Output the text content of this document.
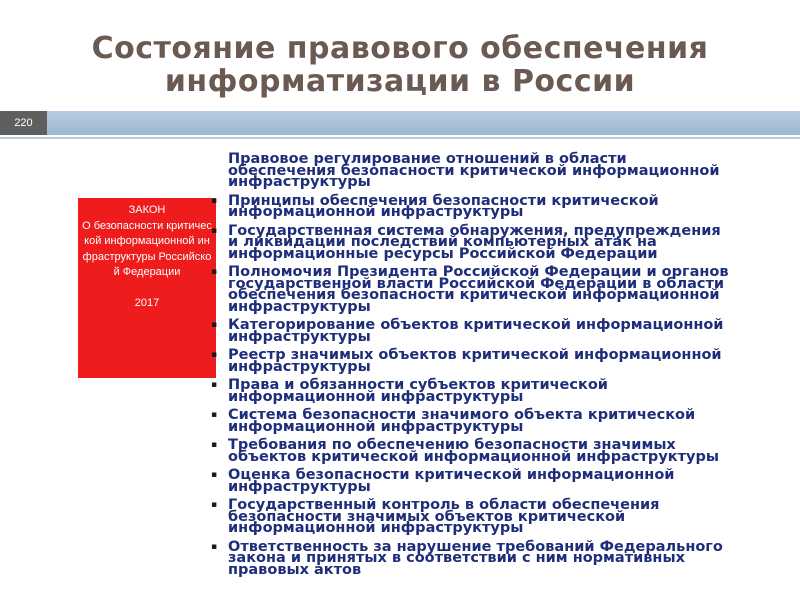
Состояние правового обеспечения
информатизации в России
220
ЗАКОН
О безопасности критической информационной инфраструктуры Российской Федерации
2017
Правовое регулирование отношений в области
обеспечения безопасности критической информационной
инфраструктуры
▪ Принципы обеспечения безопасности критической
информационной инфраструктуры
▪ Государственная система обнаружения, предупреждения
и ликвидации последствий компьютерных атак на
информационные ресурсы Российской Федерации
▪ Полномочия Президента Российской Федерации и органов
государственной власти Российской Федерации в области
обеспечения безопасности критической информационной
инфраструктуры
▪ Категорирование объектов критической информационной
инфраструктуры
▪ Реестр значимых объектов критической информационной
инфраструктуры
▪ Права и обязанности субъектов критической
информационной инфраструктуры
▪ Система безопасности значимого объекта критической
информационной инфраструктуры
▪ Требования по обеспечению безопасности значимых
объектов критической информационной инфраструктуры
▪ Оценка безопасности критической информационной
инфраструктуры
▪ Государственный контроль в области обеспечения
безопасности значимых объектов критической
информационной инфраструктуры
▪ Ответственность за нарушение требований Федерального
закона и принятых в соответствии с ним нормативных
правовых актов
